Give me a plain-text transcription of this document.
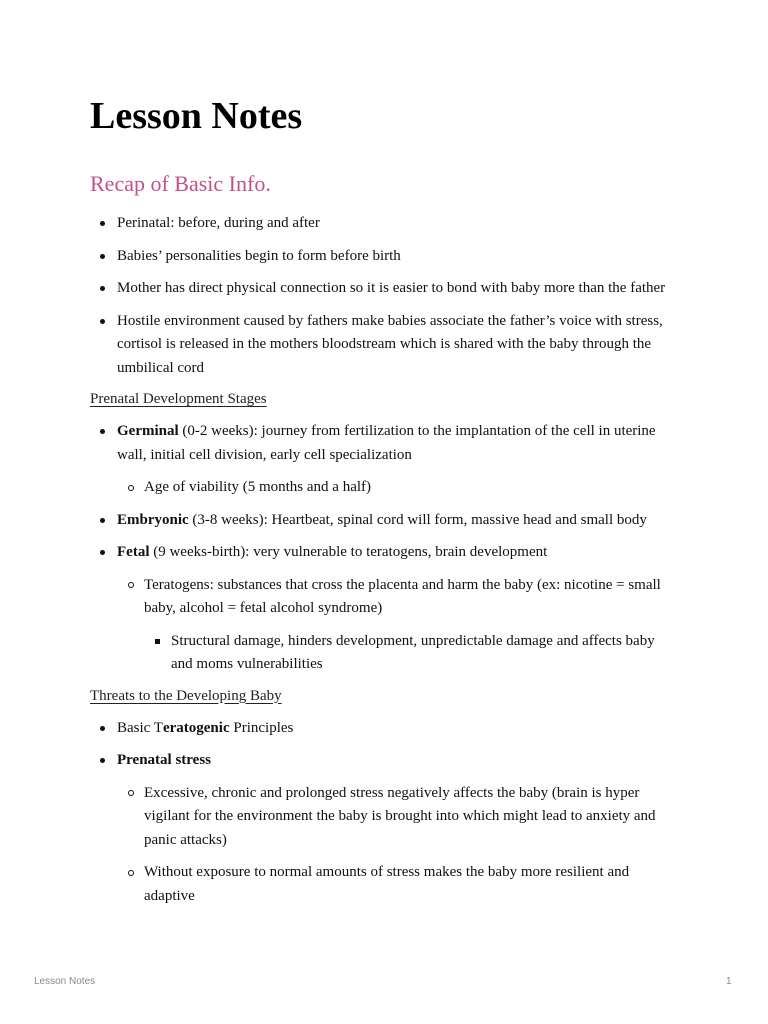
Lesson Notes
Recap of Basic Info.
Perinatal: before, during and after
Babies’ personalities begin to form before birth
Mother has direct physical connection so it is easier to bond with baby more than the father
Hostile environment caused by fathers make babies associate the father’s voice with stress, cortisol is released in the mothers bloodstream which is shared with the baby through the umbilical cord
Prenatal Development Stages
Germinal (0-2 weeks): journey from fertilization to the implantation of the cell in uterine wall, initial cell division, early cell specialization
Age of viability (5 months and a half)
Embryonic (3-8 weeks): Heartbeat, spinal cord will form, massive head and small body
Fetal (9 weeks-birth): very vulnerable to teratogens, brain development
Teratogens: substances that cross the placenta and harm the baby (ex: nicotine = small baby, alcohol = fetal alcohol syndrome)
Structural damage, hinders development, unpredictable damage and affects baby and moms vulnerabilities
Threats to the Developing Baby
Basic Teratogenic Principles
Prenatal stress
Excessive, chronic and prolonged stress negatively affects the baby (brain is hyper vigilant for the environment the baby is brought into which might lead to anxiety and panic attacks)
Without exposure to normal amounts of stress makes the baby more resilient and adaptive
Lesson Notes	1
